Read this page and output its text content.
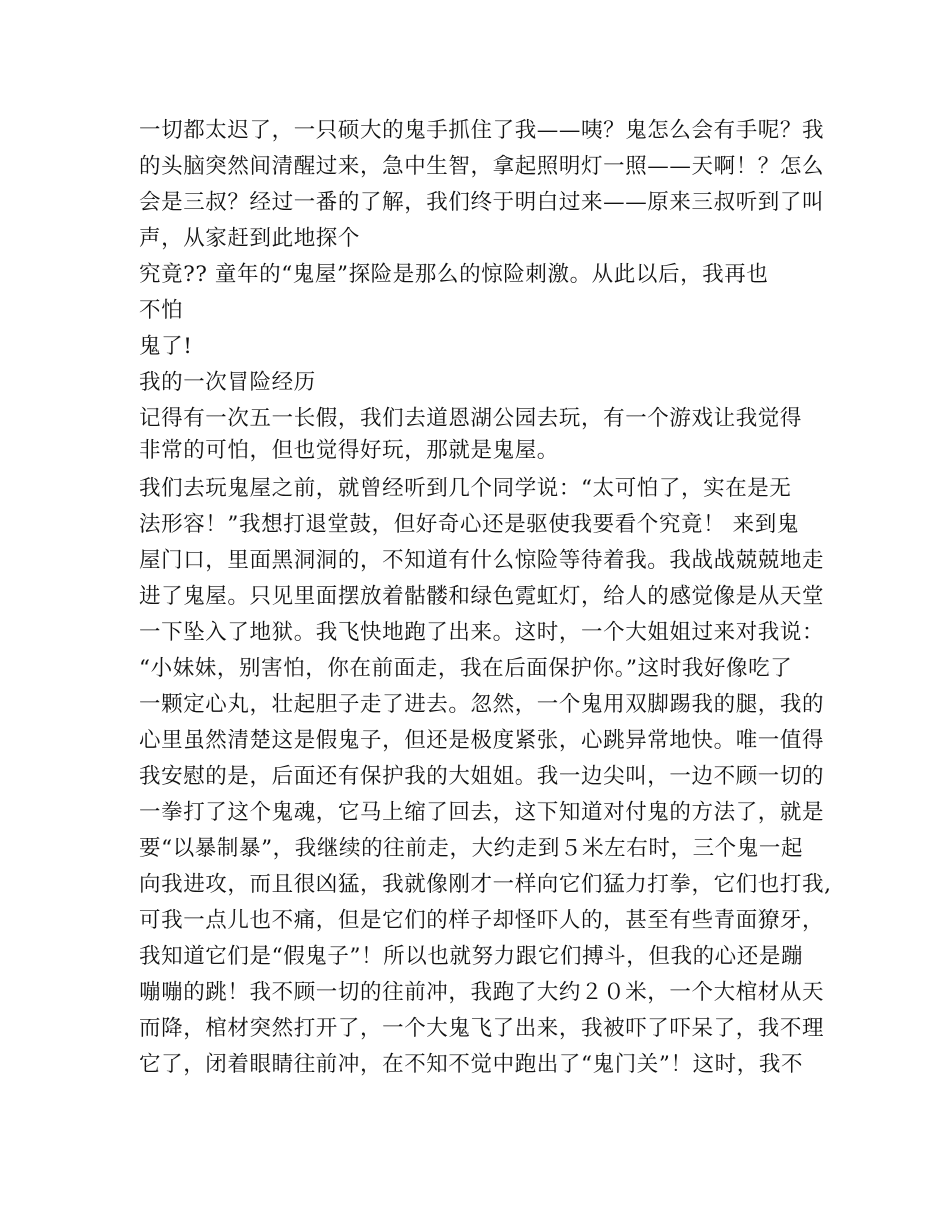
一切都太迟了，一只硕大的鬼手抓住了我——咦？鬼怎么会有手呢？我
的头脑突然间清醒过来，急中生智，拿起照明灯一照——天啊！？怎么
会是三叔？经过一番的了解，我们终于明白过来——原来三叔听到了叫
声，从家赶到此地探个
究竟?? 童年的“鬼屋”探险是那么的惊险刺激。从此以后，我再也
不怕
鬼了!
我的一次冒险经历
记得有一次五一长假，我们去道恩湖公园去玩，有一个游戏让我觉得
非常的可怕，但也觉得好玩，那就是鬼屋。
我们去玩鬼屋之前，就曾经听到几个同学说：“太可怕了，实在是无
法形容！”我想打退堂鼓，但好奇心还是驱使我要看个究竟！ 来到鬼
屋门口，里面黑洞洞的，不知道有什么惊险等待着我。我战战兢兢地走
进了鬼屋。只见里面摆放着骷髅和绿色霓虹灯，给人的感觉像是从天堂
一下坠入了地狱。我飞快地跑了出来。这时，一个大姐姐过来对我说：
“小妹妹，别害怕，你在前面走，我在后面保护你。”这时我好像吃了
一颗定心丸，壮起胆子走了进去。忽然，一个鬼用双脚踢我的腿，我的
心里虽然清楚这是假鬼子，但还是极度紧张，心跳异常地快。唯一值得
我安慰的是，后面还有保护我的大姐姐。我一边尖叫，一边不顾一切的
一拳打了这个鬼魂，它马上缩了回去，这下知道对付鬼的方法了，就是
要“以暴制暴”，我继续的往前走，大约走到５米左右时，三个鬼一起
向我进攻，而且很凶猛，我就像刚才一样向它们猛力打拳，它们也打我,
可我一点儿也不痛，但是它们的样子却怪吓人的，甚至有些青面獠牙，
我知道它们是“假鬼子”！所以也就努力跟它们搏斗，但我的心还是蹦
嘣嘣的跳！我不顾一切的往前冲，我跑了大约２０米，一个大棺材从天
而降，棺材突然打开了，一个大鬼飞了出来，我被吓了吓呆了，我不理
它了，闭着眼睛往前冲，在不知不觉中跑出了“鬼门关”！这时，我不
